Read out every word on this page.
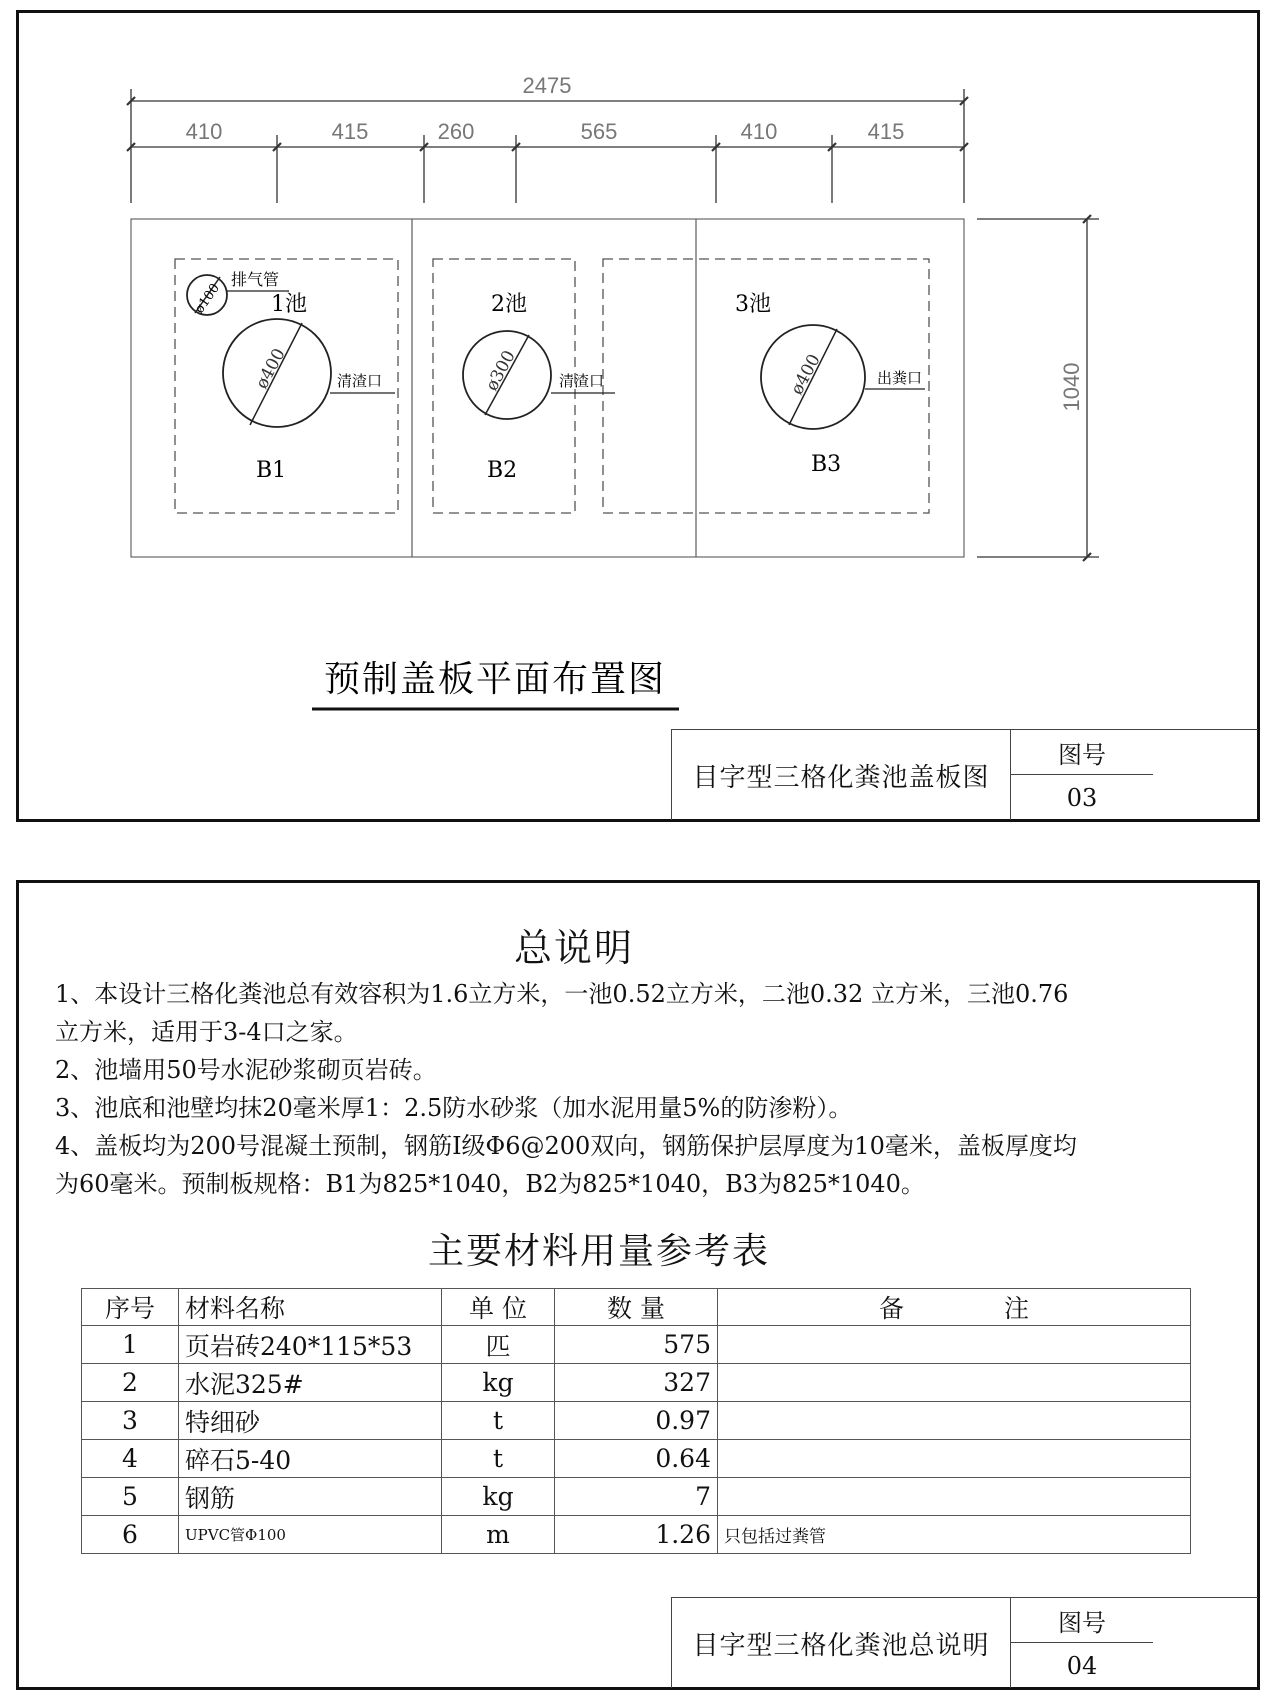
2475
410	415	260	565	410	415
1040
排气管
ø100 1池
ø400	清渣口
B1
2池
ø300	清渣口
B2
3池
ø400	出粪口
B3
预制盖板平面布置图
目字型三格化粪池盖板图
图号
03
总说明

1、本设计三格化粪池总有效容积为1.6立方米，一池0.52立方米，二池0.32 立方米，三池0.76

立方米，适用于3-4口之家。

2、池墙用50号水泥砂浆砌页岩砖。

3、池底和池壁均抹20毫米厚1：2.5防水砂浆（加水泥用量5%的防渗粉）。

4、盖板均为200号混凝土预制，钢筋Ⅰ级Φ6@200双向，钢筋保护层厚度为10毫米，盖板厚度均

为60毫米。预制板规格：B1为825*1040，B2为825*1040，B3为825*1040。

主要材料用量参考表
序号	材料名称	单 位	数 量	备　　　　注
1	页岩砖240*115*53	匹	575	
2	水泥325#	kg	327	
3	特细砂	t	0.97	
4	碎石5-40	t	0.64	
5	钢筋	kg	7	
6	UPVC管Φ100	m	1.26	只包括过粪管
目字型三格化粪池总说明
图号
04
